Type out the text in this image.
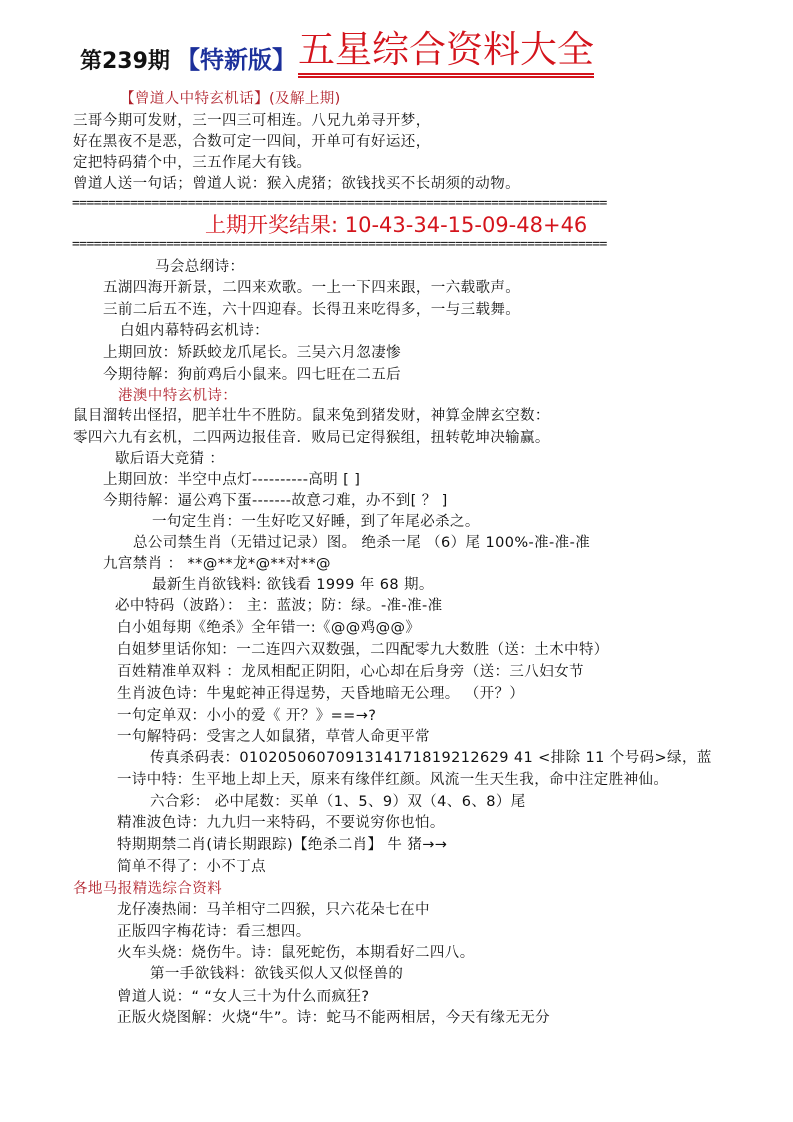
第239期 【特新版】 五星综合资料大全
【曾道人中特玄机话】(及解上期)
三哥今期可发财，三一四三可相连。八兄九弟寻开梦，
好在黑夜不是恶，合数可定一四间，开单可有好运还，
定把特码猜个中，三五作尾大有钱。
曾道人送一句话；曾道人说：猴入虎猪；欲钱找买不长胡须的动物。
==========================================================================
上期开奖结果: 10-43-34-15-09-48+46
==========================================================================
马会总纲诗：
五湖四海开新景，二四来欢歌。一上一下四来跟，一六载歌声。
三前二后五不连，六十四迎春。长得丑来吃得多，一与三载舞。
白姐内幕特码玄机诗：
上期回放：矫跃蛟龙爪尾长。三吴六月忽凄惨
今期待解：狗前鸡后小鼠来。四七旺在二五后
港澳中特玄机诗：
鼠目溜转出怪招，肥羊壮牛不胜防。鼠来兔到猪发财，神算金牌玄空数：
零四六九有玄机，二四两边报佳音．败局已定得猴组，扭转乾坤决输赢。
歇后语大竞猜 ：
上期回放：半空中点灯----------高明 [ ]
今期待解：逼公鸡下蛋-------故意刁难，办不到[ ？ ]
一句定生肖：一生好吃又好睡，到了年尾必杀之。
总公司禁生肖（无错过记录）图。 绝杀一尾 （6）尾 100%-准-准-准
九宫禁肖 ： **@**龙*@**对**@
最新生肖欲钱料: 欲钱看 1999 年 68 期。
必中特码（波路）： 主：蓝波；防：绿。-准-准-准
白小姐每期《绝杀》全年错一:《@@鸡@@》
白姐梦里话你知：一二连四六双数强，二四配零九大数胜（送：土木中特）
百姓精准单双料 ：龙凤相配正阴阳，心心却在后身旁（送：三八妇女节
生肖波色诗：牛鬼蛇神正得逞势，天昏地暗无公理。 （开？）
一句定单双：小小的爱《 开？》==→?
一句解特码：受害之人如鼠猪，草菅人命更平常
传真杀码表：0102050607091314171819212629 41 <排除 11 个号码>绿，蓝
一诗中特：生平地上却上天，原来有缘伴红颜。风流一生天生我，命中注定胜神仙。
六合彩： 必中尾数：买单（1、5、9）双（4、6、8）尾
精准波色诗：九九归一来特码，不要说穷你也怕。
特期期禁二肖(请长期跟踪)【绝杀二肖】 牛 猪→→
简单不得了：小不丁点
各地马报精选综合资料
龙仔凑热闹：马羊相守二四猴，只六花朵七在中
正版四字梅花诗：看三想四。
火车头烧：烧伤牛。诗：鼠死蛇伤，本期看好二四八。
第一手欲钱料：欲钱买似人又似怪兽的
曾道人说：“ “女人三十为什么而疯狂?
正版火烧图解：火烧“牛”。诗：蛇马不能两相居，今天有缘无无分
